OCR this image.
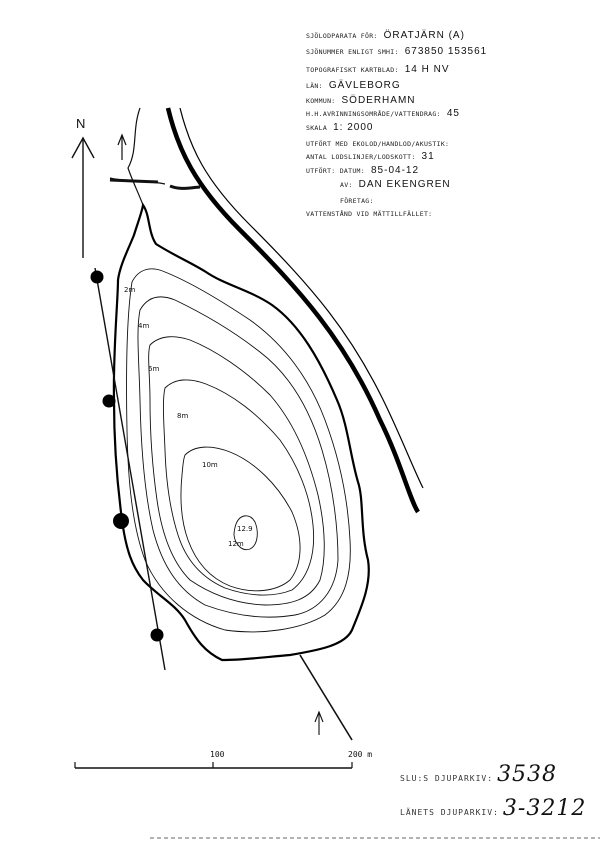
N
2m
4m
6m
8m
10m
12m
12.9
100	200 m
SJÖLODPARATA FÖR: ÖRATJÄRN (A)
SJÖNUMMER ENLIGT SMHI: 673850 153561
TOPOGRAFISKT KARTBLAD: 14 H NV
LÄN: GÄVLEBORG
KOMMUN: SÖDERHAMN
H.H.AVRINNINGSOMRÅDE/VATTENDRAG: 45
SKALA 1: 2000
UTFÖRT MED EKOLOD/HANDLOD/AKUSTIK:
ANTAL LODSLINJER/LODSKOTT: 31
UTFÖRT: DATUM: 85-04-12
AV: DAN EKENGREN
FÖRETAG:
VATTENSTÅND VID MÄTTILLFÄLLET:
SLU:S DJUPARKIV: 3538
LÄNETS DJUPARKIV: 3-3212
